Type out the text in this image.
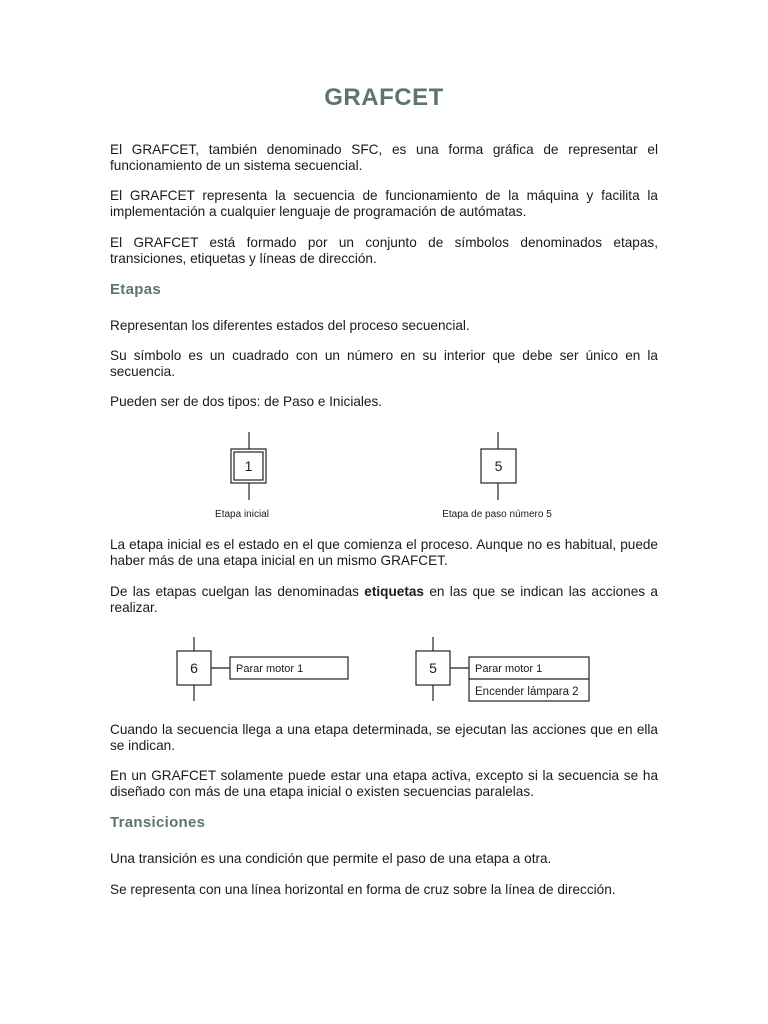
GRAFCET

El GRAFCET, también denominado SFC, es una forma gráfica de representar el funcionamiento de un sistema secuencial.

El GRAFCET representa la secuencia de funcionamiento de la máquina y facilita la implementación a cualquier lenguaje de programación de autómatas.

El GRAFCET está formado por un conjunto de símbolos denominados etapas, transiciones, etiquetas y líneas de dirección.

Etapas

Representan los diferentes estados del proceso secuencial.

Su símbolo es un cuadrado con un número en su interior que debe ser único en la secuencia.

Pueden ser de dos tipos: de Paso e Iniciales.

1
Etapa inicial
5
Etapa de paso número 5
6	Parar motor 1	5	Parar motor 1
Encender lámpara 2

La etapa inicial es el estado en el que comienza el proceso. Aunque no es habitual, puede haber más de una etapa inicial en un mismo GRAFCET.

De las etapas cuelgan las denominadas etiquetas en las que se indican las acciones a realizar.

Cuando la secuencia llega a una etapa determinada, se ejecutan las acciones que en ella se indican.

En un GRAFCET solamente puede estar una etapa activa, excepto si la secuencia se ha diseñado con más de una etapa inicial o existen secuencias paralelas.

Transiciones

Una transición es una condición que permite el paso de una etapa a otra.

Se representa con una línea horizontal en forma de cruz sobre la línea de dirección.
